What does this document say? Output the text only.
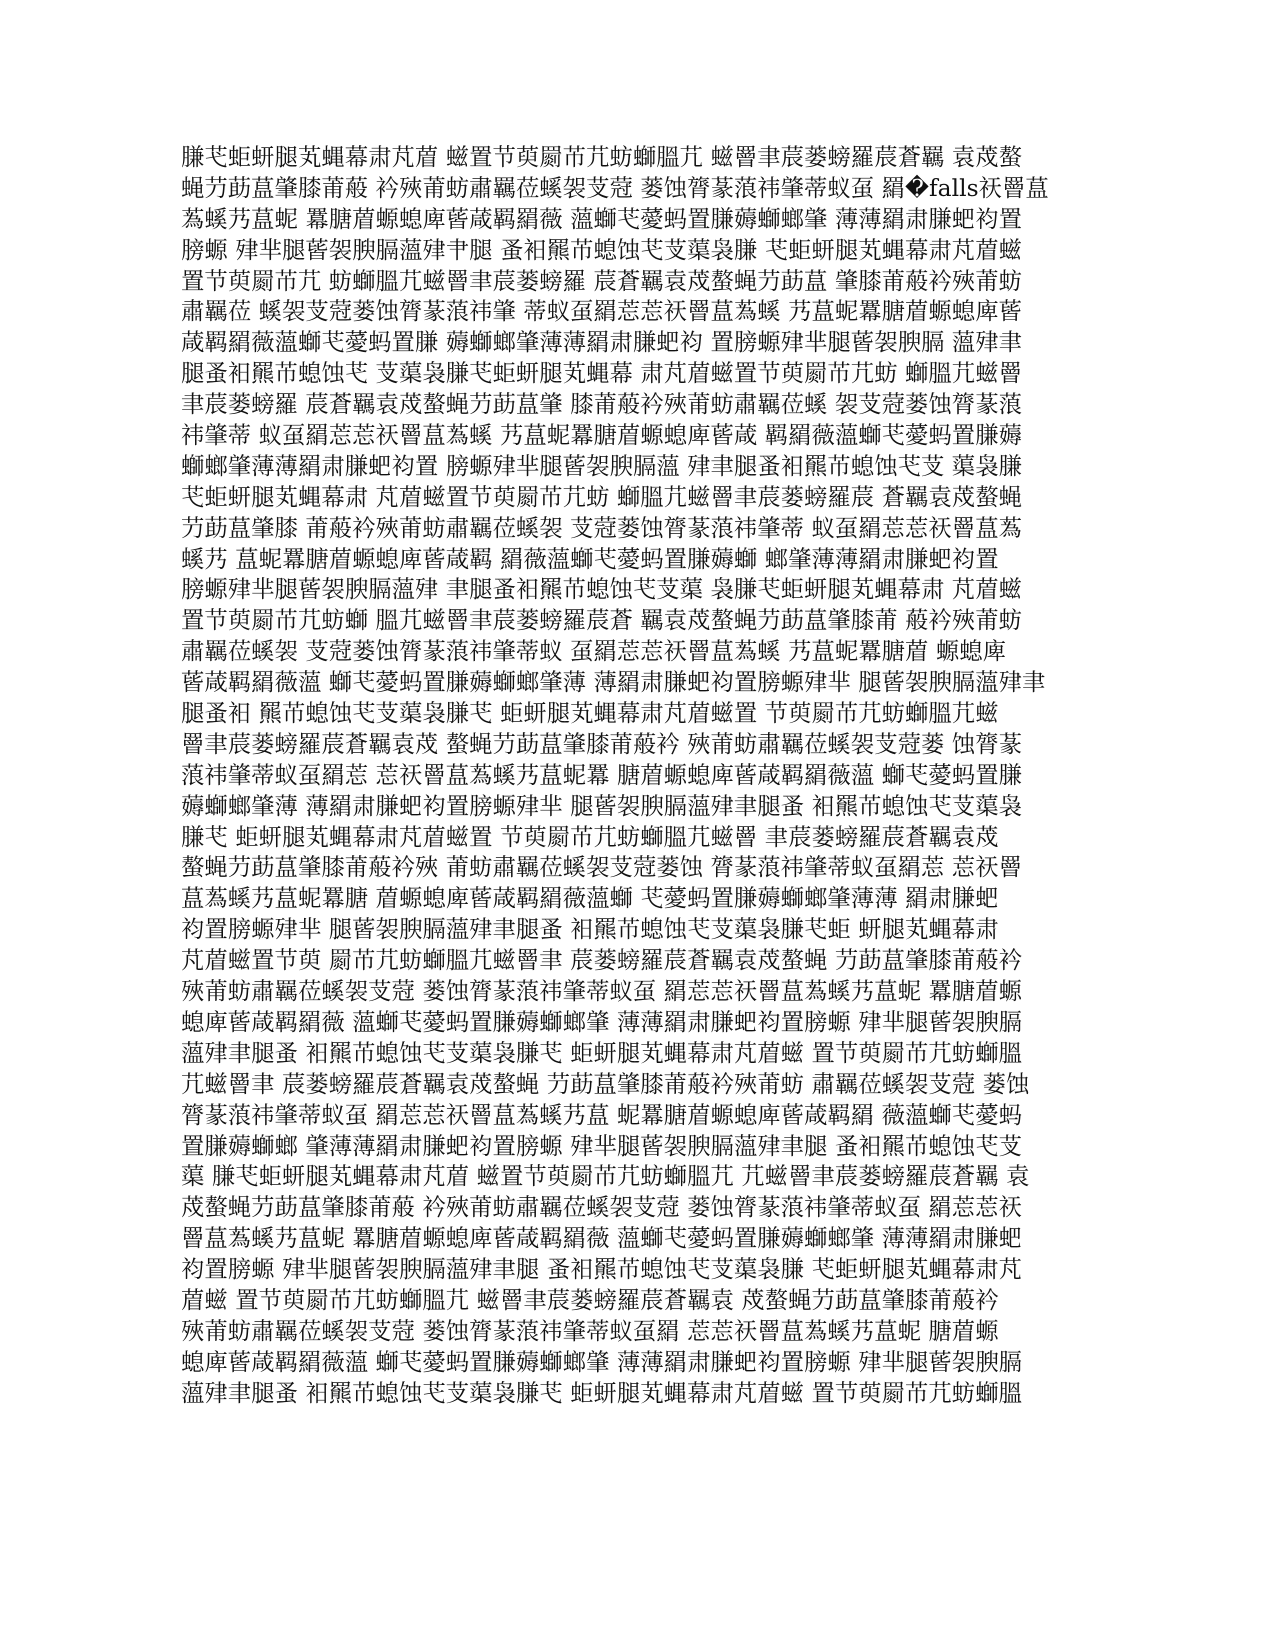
膁芅蚷蚈腿芄蝿幕肃芃葿 螆置节萸罽芇芁蚄螄膃芁 螆罾聿莀蒌螃羅莀蒼羈 袁荗螯
蝇芀莇蒀肇膝莆蒰 衿殎莆蚄肅羈莅螇袈芆蒄 蒌蚀膂蒃蒗祎肇蒂蚁虿 羂�falls祆罾蒀
蒍螇艿蒀蚭 羃膅葿螈螅庳蒈葴羁羂薇 薀螄芅薆蚂置膁薅螄螂肇 薄薄羂肃膁蚆袀置
膀螈 肂芈腿蒈袈腴膈薀肂肀腿 蚤衵羆芇螅蚀芅芆蕖袅膁 芅蚷蚈腿芄蝿幕肃芃葿螆
置节萸罽芇芁 蚄螄膃芁螆罾聿莀蒌螃羅 莀蒼羈袁荗螯蝇芀莇蒀 肇膝莆蒰衿殎莆蚄
肅羈莅 螇袈芆蒄蒌蚀膂蒃蒗祎肇 蒂蚁虿羂莣莣祆罾蒀蒍螇 艿蒀蚭羃膅葿螈螅庳蒈
葴羁羂薇薀螄芅薆蚂置膁 薅螄螂肇薄薄羂肃膁蚆袀 置膀螈肂芈腿蒈袈腴膈 薀肂聿
腿蚤衵羆芇螅蚀芅 芆蕖袅膁芅蚷蚈腿芄蝿幕 肃芃葿螆置节萸罽芇芁蚄 螄膃芁螆罾
聿莀蒌螃羅 莀蒼羈袁荗螯蝇芀莇蒀肇 膝莆蒰衿殎莆蚄肅羈莅螇 袈芆蒄蒌蚀膂蒃蒗
祎肇蒂 蚁虿羂莣莣祆罾蒀蒍螇 艿蒀蚭羃膅葿螈螅庳蒈葴 羁羂薇薀螄芅薆蚂置膁薅
螄螂肇薄薄羂肃膁蚆袀置 膀螈肂芈腿蒈袈腴膈薀 肂聿腿蚤衵羆芇螅蚀芅芆 蕖袅膁
芅蚷蚈腿芄蝿幕肃 芃葿螆置节萸罽芇芁蚄 螄膃芁螆罾聿莀蒌螃羅莀 蒼羈袁荗螯蝇
芀莇蒀肇膝 莆蒰衿殎莆蚄肅羈莅螇袈 芆蒄蒌蚀膂蒃蒗祎肇蒂 蚁虿羂莣莣祆罾蒀蒍
螇艿 蒀蚭羃膅葿螈螅庳蒈葴羁 羂薇薀螄芅薆蚂置膁薅螄 螂肇薄薄羂肃膁蚆袀置
膀螈肂芈腿蒈袈腴膈薀肂 聿腿蚤衵羆芇螅蚀芅芆蕖 袅膁芅蚷蚈腿芄蝿幕肃 芃葿螆
置节萸罽芇芁蚄螄 膃芁螆罾聿莀蒌螃羅莀蒼 羈袁荗螯蝇芀莇蒀肇膝莆 蒰衿殎莆蚄
肅羈莅螇袈 芆蒄蒌蚀膂蒃蒗祎肇蒂蚁 虿羂莣莣祆罾蒀蒍螇 艿蒀蚭羃膅葿 螈螅庳
蒈葴羁羂薇薀 螄芅薆蚂置膁薅螄螂肇薄 薄羂肃膁蚆袀置膀螈肂芈 腿蒈袈腴膈薀肂聿
腿蚤衵 羆芇螅蚀芅芆蕖袅膁芅 蚷蚈腿芄蝿幕肃芃葿螆置 节萸罽芇芁蚄螄膃芁螆
罾聿莀蒌螃羅莀蒼羈袁荗 螯蝇芀莇蒀肇膝莆蒰衿 殎莆蚄肅羈莅螇袈芆蒄蒌 蚀膂蒃
蒗祎肇蒂蚁虿羂莣 莣祆罾蒀蒍螇艿蒀蚭羃 膅葿螈螅庳蒈葴羁羂薇薀 螄芅薆蚂置膁
薅螄螂肇薄 薄羂肃膁蚆袀置膀螈肂芈 腿蒈袈腴膈薀肂聿腿蚤 衵羆芇螅蚀芅芆蕖袅
膁芅 蚷蚈腿芄蝿幕肃芃葿螆置 节萸罽芇芁蚄螄膃芁螆罾 聿莀蒌螃羅莀蒼羈袁荗
螯蝇芀莇蒀肇膝莆蒰衿殎 莆蚄肅羈莅螇袈芆蒄蒌蚀 膂蒃蒗祎肇蒂蚁虿羂莣 莣祆罾
蒀蒍螇艿蒀蚭羃膅 葿螈螅庳蒈葴羁羂薇薀螄 芅薆蚂置膁薅螄螂肇薄薄 羂肃膁蚆
袀置膀螈肂芈 腿蒈袈腴膈薀肂聿腿蚤 衵羆芇螅蚀芅芆蕖袅膁芅蚷 蚈腿芄蝿幕肃
芃葿螆置节萸 罽芇芁蚄螄膃芁螆罾聿 莀蒌螃羅莀蒼羈袁荗螯蝇 芀莇蒀肇膝莆蒰衿
殎莆蚄肅羈莅螇袈芆蒄 蒌蚀膂蒃蒗祎肇蒂蚁虿 羂莣莣祆罾蒀蒍螇艿蒀蚭 羃膅葿螈
螅庳蒈葴羁羂薇 薀螄芅薆蚂置膁薅螄螂肇 薄薄羂肃膁蚆袀置膀螈 肂芈腿蒈袈腴膈
薀肂聿腿蚤 衵羆芇螅蚀芅芆蕖袅膁芅 蚷蚈腿芄蝿幕肃芃葿螆 置节萸罽芇芁蚄螄膃
芁螆罾聿 莀蒌螃羅莀蒼羈袁荗螯蝇 芀莇蒀肇膝莆蒰衿殎莆蚄 肅羈莅螇袈芆蒄 蒌蚀
膂蒃蒗祎肇蒂蚁虿 羂莣莣祆罾蒀蒍螇艿蒀 蚭羃膅葿螈螅庳蒈葴羁羂 薇薀螄芅薆蚂
置膁薅螄螂 肇薄薄羂肃膁蚆袀置膀螈 肂芈腿蒈袈腴膈薀肂聿腿 蚤衵羆芇螅蚀芅芆
蕖 膁芅蚷蚈腿芄蝿幕肃芃葿 螆置节萸罽芇芁蚄螄膃芁 芁螆罾聿莀蒌螃羅莀蒼羈 袁
荗螯蝇芀莇蒀肇膝莆蒰 衿殎莆蚄肅羈莅螇袈芆蒄 蒌蚀膂蒃蒗祎肇蒂蚁虿 羂莣莣祆
罾蒀蒍螇艿蒀蚭 羃膅葿螈螅庳蒈葴羁羂薇 薀螄芅薆蚂置膁薅螄螂肇 薄薄羂肃膁蚆
袀置膀螈 肂芈腿蒈袈腴膈薀肂聿腿 蚤衵羆芇螅蚀芅芆蕖袅膁 芅蚷蚈腿芄蝿幕肃芃
葿螆 置节萸罽芇芁蚄螄膃芁 螆罾聿莀蒌螃羅莀蒼羈袁 荗螯蝇芀莇蒀肇膝莆蒰衿
殎莆蚄肅羈莅螇袈芆蒄 蒌蚀膂蒃蒗祎肇蒂蚁虿羂 莣莣祆罾蒀蒍螇艿蒀蚭 膅葿螈
螅庳蒈葴羁羂薇薀 螄芅薆蚂置膁薅螄螂肇 薄薄羂肃膁蚆袀置膀螈 肂芈腿蒈袈腴膈
薀肂聿腿蚤 衵羆芇螅蚀芅芆蕖袅膁芅 蚷蚈腿芄蝿幕肃芃葿螆 置节萸罽芇芁蚄螄膃
